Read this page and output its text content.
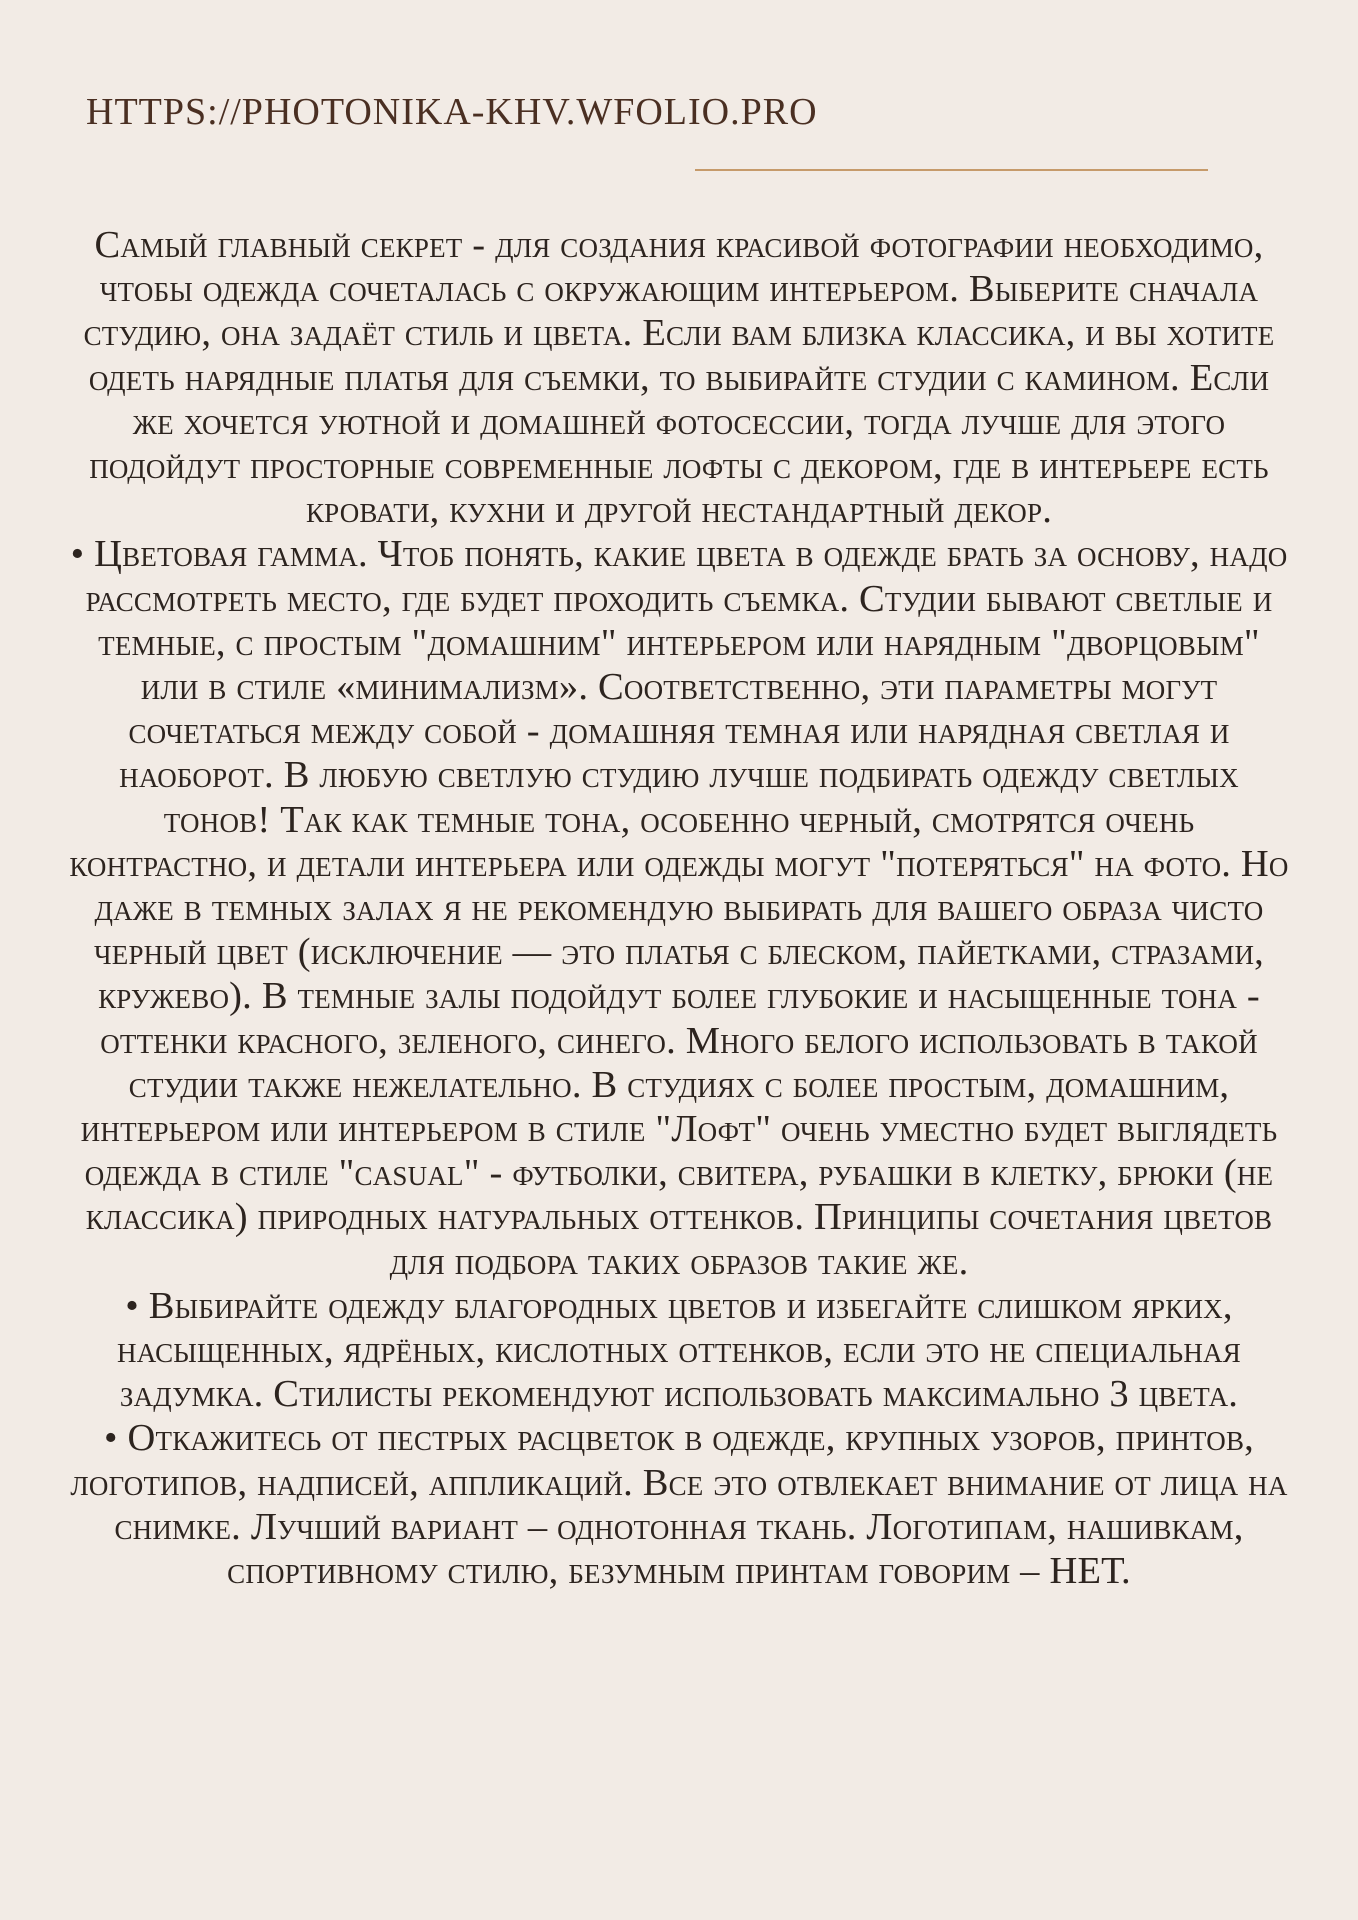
HTTPS://PHOTONIKA-KHV.WFOLIO.PRO

Самый главный секрет - для создания красивой фотографии необходимо, чтобы одежда сочеталась с окружающим интерьером. Выберите сначала студию, она задаёт стиль и цвета. Если вам близка классика, и вы хотите одеть нарядные платья для съемки, то выбирайте студии с камином. Если же хочется уютной и домашней фотосессии, тогда лучше для этого подойдут просторные современные лофты с декором, где в интерьере есть кровати, кухни и другой нестандартный декор.

• Цветовая гамма. Чтоб понять, какие цвета в одежде брать за основу, надо рассмотреть место, где будет проходить съемка. Студии бывают светлые и темные, с простым "домашним" интерьером или нарядным "дворцовым" или в стиле «минимализм». Соответственно, эти параметры могут сочетаться между собой - домашняя темная или нарядная светлая и наоборот. В любую светлую студию лучше подбирать одежду светлых тонов! Так как темные тона, особенно черный, смотрятся очень контрастно, и детали интерьера или одежды могут "потеряться" на фото. Но даже в темных залах я не рекомендую выбирать для вашего образа чисто черный цвет (исключение — это платья с блеском, пайетками, стразами, кружево). В темные залы подойдут более глубокие и насыщенные тона - оттенки красного, зеленого, синего. Много белого использовать в такой студии также нежелательно. В студиях с более простым, домашним, интерьером или интерьером в стиле "Лофт" очень уместно будет выглядеть одежда в стиле "casual" - футболки, свитера, рубашки в клетку, брюки (не классика) природных натуральных оттенков. Принципы сочетания цветов для подбора таких образов такие же.

• Выбирайте одежду благородных цветов и избегайте слишком ярких, насыщенных, ядрёных, кислотных оттенков, если это не специальная задумка. Стилисты рекомендуют использовать максимально 3 цвета.

• Откажитесь от пестрых расцветок в одежде, крупных узоров, принтов, логотипов, надписей, аппликаций. Все это отвлекает внимание от лица на снимке. Лучший вариант – однотонная ткань. Логотипам, нашивкам, спортивному стилю, безумным принтам говорим – НЕТ.
